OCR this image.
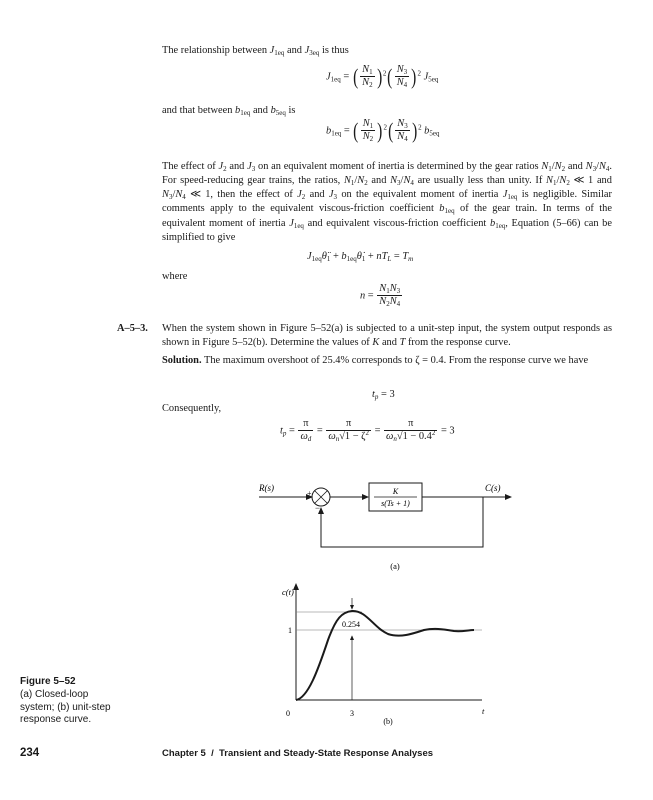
The relationship between $J_{1eq}$ and $J_{3eq}$ is thus
$J_{1eq}$ = ( $\frac{N_1}{N_2} )^2( \frac{N_3}{N_4} )^2$ $J_{5eq}$
and that between $b_{1eq}$ and $b_{5eq}$ is
$b_{1eq}$ = ( $\frac{N_1}{N_2} )^2( \frac{N_3}{N_4} )^2$ $b_{5eq}$
The effect of $J_2$ and $J_3$ on an equivalent moment of inertia is determined by the gear ratios $N_1/N_2$ and $N_3/N_4$. For speed-reducing gear trains, the ratios, $N_1/N_2$ and $N_3/N_4$ are usually less than unity. If $N_1/N_2$ ≪ 1 and $N_3/N_4$ ≪ 1, then the effect of $J_2$ and $J_3$ on the equivalent moment of inertia $J_{1eq}$ is negligible. Similar comments apply to the equivalent viscous-friction coefficient $b_{1eq}$ of the gear train. In terms of the equivalent moment of inertia $J_{1eq}$ and equivalent viscous-friction coefficient $b_{1eq}$, Equation (5–66) can be simplified to give
$J_{1eq}\thetä_1$ + $b_{1eq}\thetȧ_1 + nT_L = T_m$
where
$n = \frac{N_1N_3}{N_2N_4}$
A–5–3. When the system shown in Figure 5–52(a) is subjected to a unit-step input, the system output responds as shown in Figure 5–52(b). Determine the values of K and T from the response curve.
Solution. The maximum overshoot of 25.4% corresponds to ζ = 0.4. From the response curve we have
$t_p = 3$
Consequently,
$t_p = \frac{\pi}{\omega_d} = \frac{\pi}{\omega_n√1 - \zeta^2} = \frac{\pi}{\omega_n√1 - 0.4^2} = 3$
R(s)
+
−
K
s(Ts + 1)
C(s)
(a)
c(t)
1
0	3
0.254
t
(b)
Figure 5–52
(a) Closed-loop
system; (b) unit-step
response curve.
234	Chapter 5 / Transient and Steady-State Response Analyses
